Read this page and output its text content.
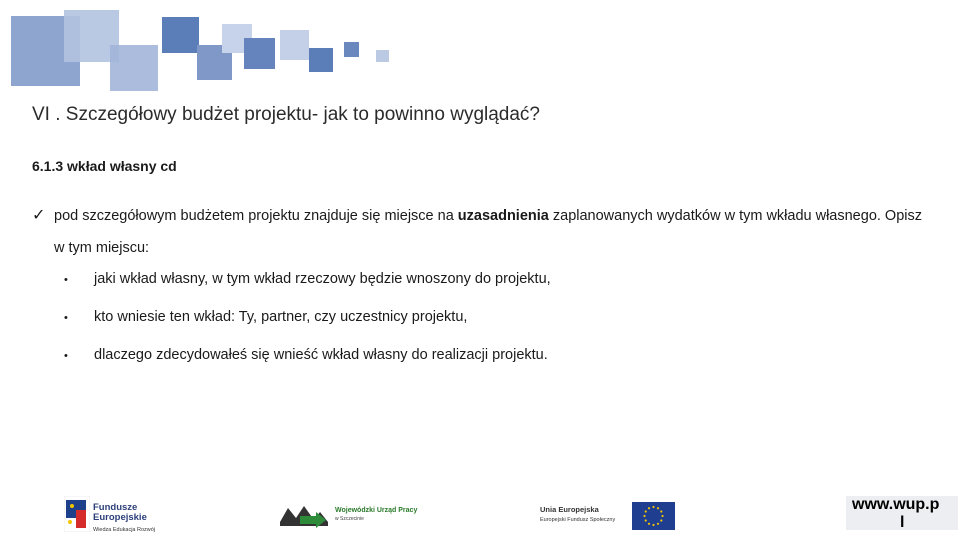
VI . Szczegółowy budżet projektu- jak to powinno wyglądać?
6.1.3 wkład własny cd
✓ pod szczegółowym budżetem projektu znajduje się miejsce na uzasadnienia zaplanowanych wydatków w tym wkładu własnego. Opisz w tym miejscu:
• jaki wkład własny, w tym wkład rzeczowy będzie wnoszony do projektu,
• kto wniesie ten wkład: Ty, partner, czy uczestnicy projektu,
• dlaczego zdecydowałeś się wnieść wkład własny do realizacji projektu.
Fundusze
Europejskie
Wiedza Edukacja Rozwój
Wojewódzki Urząd Pracy
w Szczecinie
Unia Europejska
Europejski Fundusz Społeczny
www.wup.p
l
